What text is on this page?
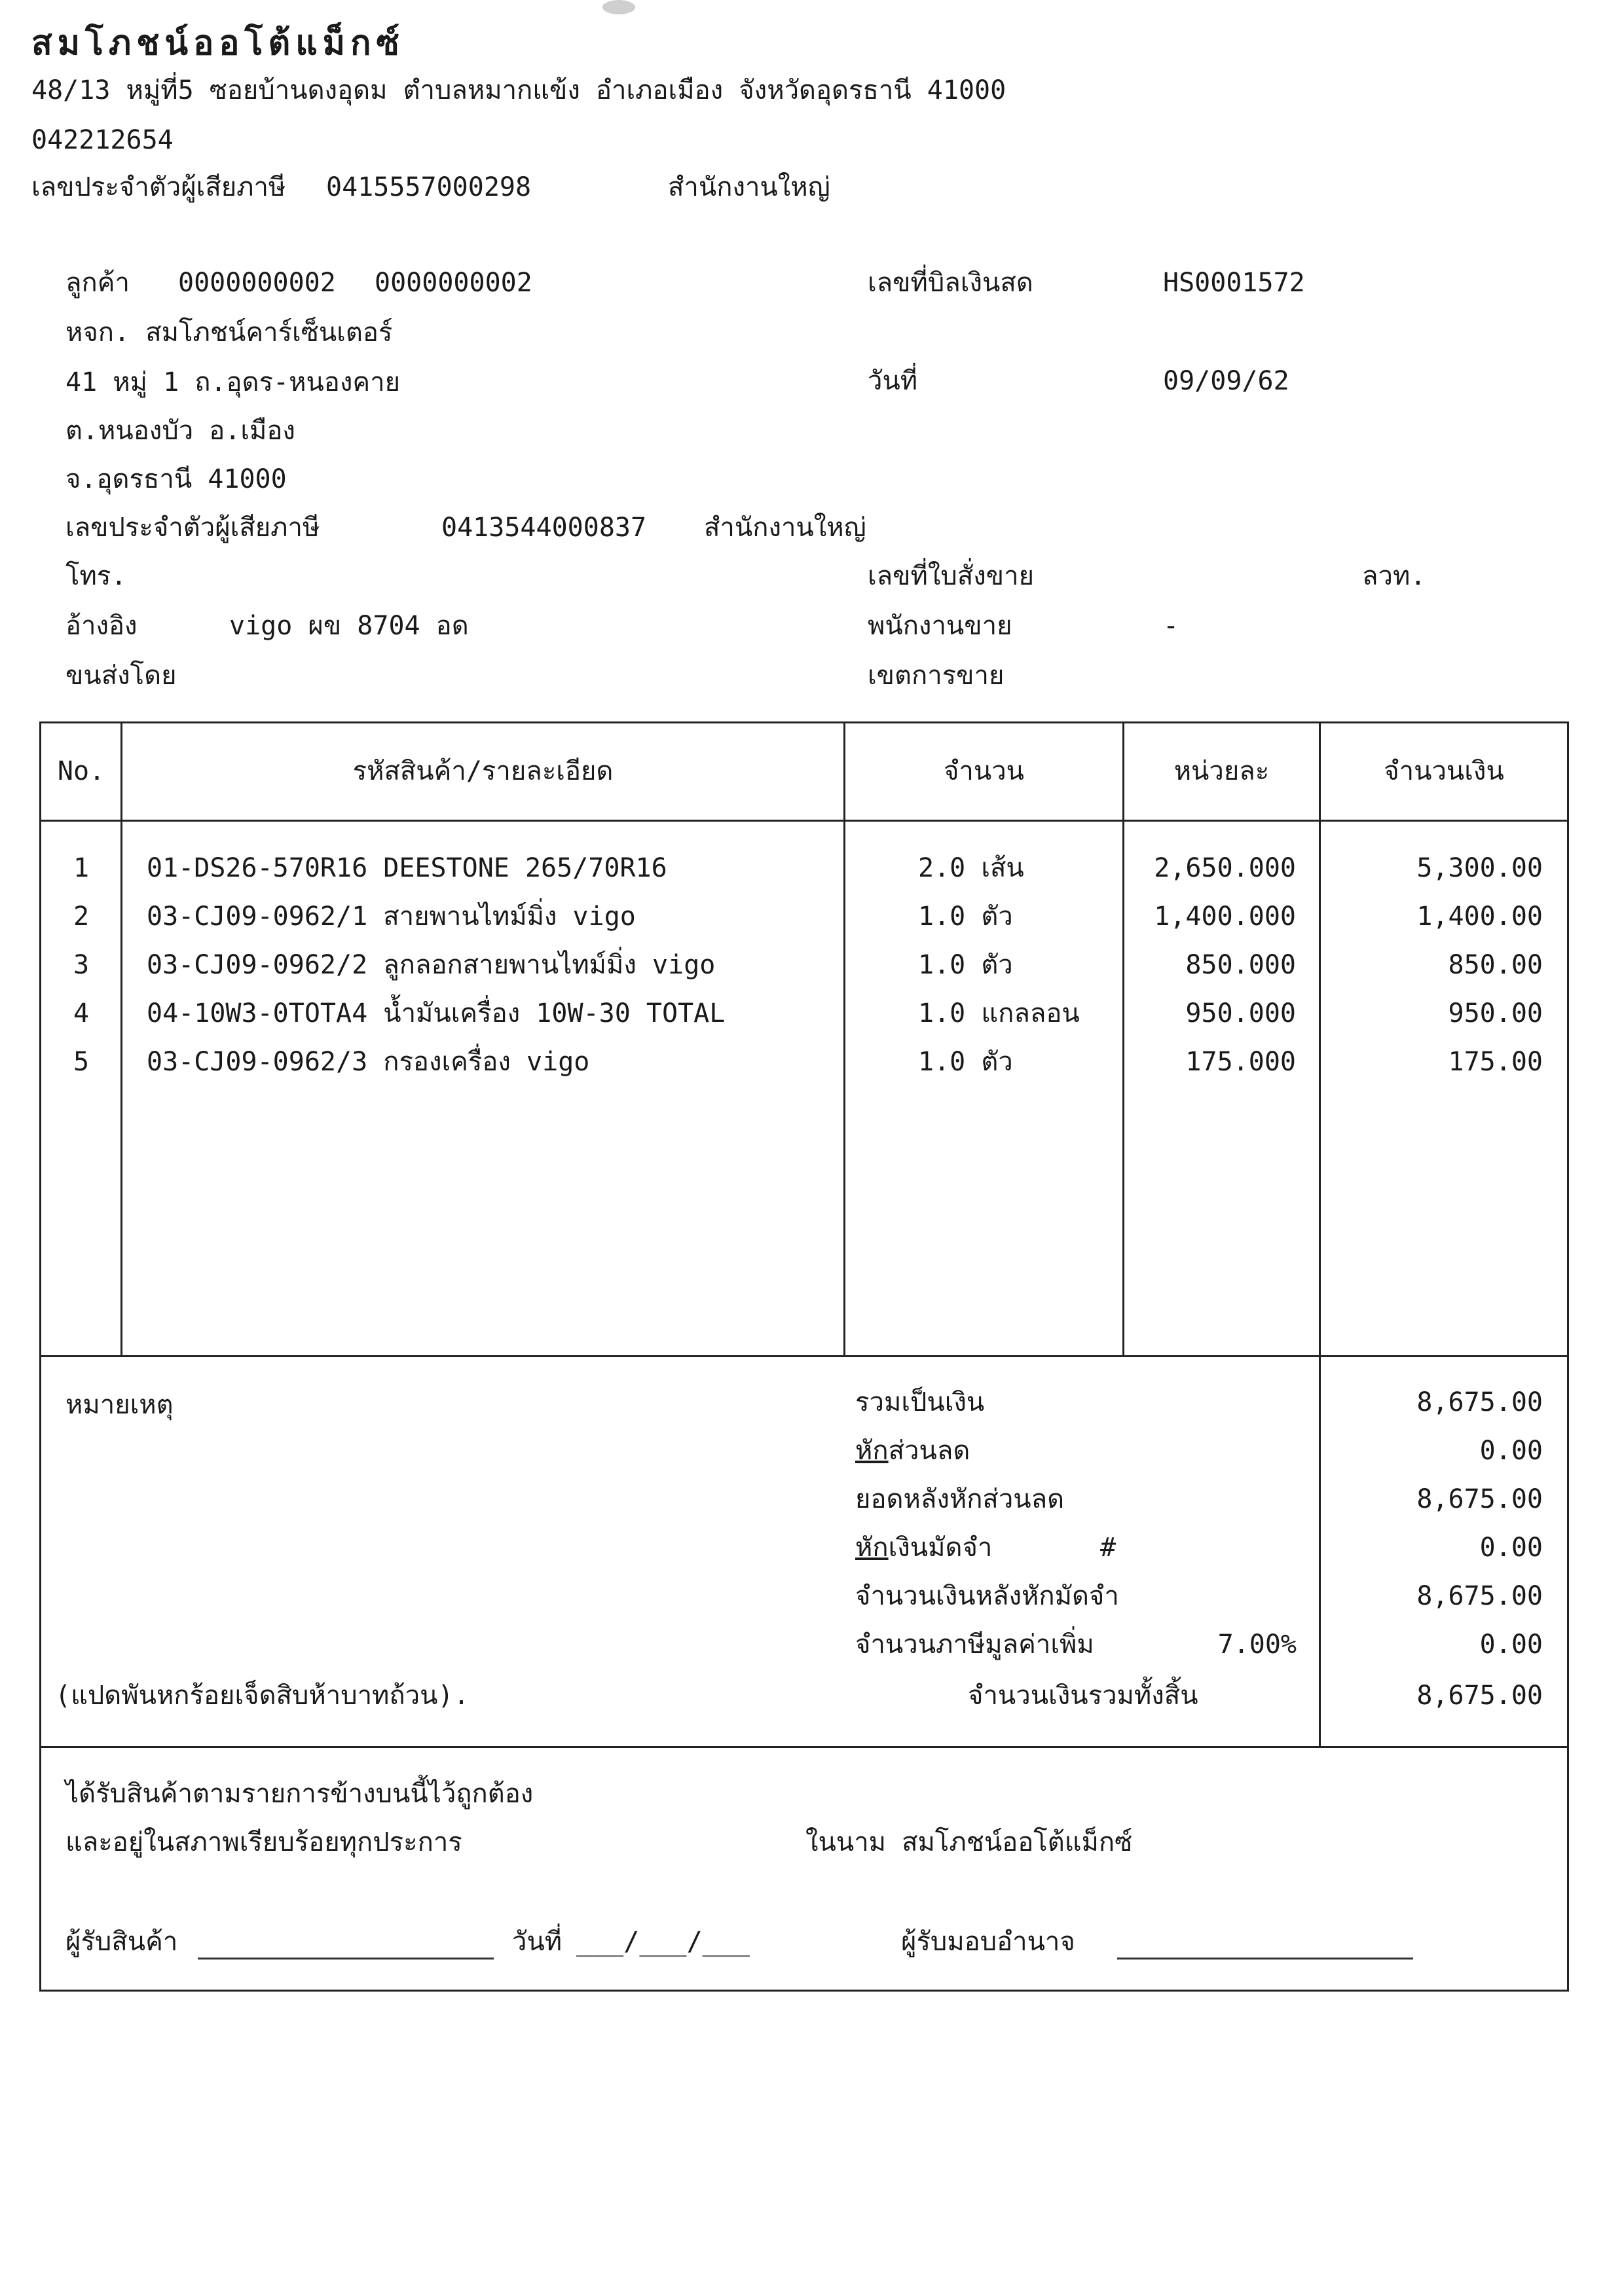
สมโภชน์ออโต้แม็กซ์
48/13 หมู่ที่5 ซอยบ้านดงอุดม ตำบลหมากแข้ง อำเภอเมือง จังหวัดอุดรธานี 41000
042212654
เลขประจำตัวผู้เสียภาษี 0415557000298	สำนักงานใหญ่
ลูกค้า 0000000002 0000000002
หจก. สมโภชน์คาร์เซ็นเตอร์
41 หมู่ 1 ถ.อุดร-หนองคาย
ต.หนองบัว อ.เมือง
จ.อุดรธานี 41000
เลขประจำตัวผู้เสียภาษี	0413544000837 สำนักงานใหญ่
โทร.
อ้างอิง	vigo ผข 8704 อด
ขนส่งโดย
เลขที่บิลเงินสด	HS0001572
วันที่	09/09/62
เลขที่ใบสั่งขาย	ลวท.
พนักงานขาย	-
เขตการขาย
No.	รหัสสินค้า/รายละเอียด	จำนวน	หน่วยละ	จำนวนเงิน
1	01-DS26-570R16 DEESTONE 265/70R16	2.0 เส้น	2,650.000	5,300.00
2	03-CJ09-0962/1 สายพานไทม์มิ่ง vigo	1.0 ตัว	1,400.000	1,400.00
3	03-CJ09-0962/2 ลูกลอกสายพานไทม์มิ่ง vigo	1.0 ตัว	850.000	850.00
4	04-10W3-0TOTA4 น้ำมันเครื่อง 10W-30 TOTAL	1.0 แกลลอน	950.000	950.00
5	03-CJ09-0962/3 กรองเครื่อง vigo	1.0 ตัว	175.000	175.00
หมายเหตุ	รวมเป็นเงิน	8,675.00
หักส่วนลด	0.00
ยอดหลังหักส่วนลด	8,675.00
หักเงินมัดจำ	#	0.00
จำนวนเงินหลังหักมัดจำ	8,675.00
จำนวนภาษีมูลค่าเพิ่ม	7.00%	0.00
(แปดพันหกร้อยเจ็ดสิบห้าบาทถ้วน).	จำนวนเงินรวมทั้งสิ้น	8,675.00
ได้รับสินค้าตามรายการข้างบนนี้ไว้ถูกต้อง
และอยู่ในสภาพเรียบร้อยทุกประการ	ในนาม สมโภชน์ออโต้แม็กซ์
ผู้รับสินค้า	วันที่ ___/___/___	ผู้รับมอบอำนาจ
